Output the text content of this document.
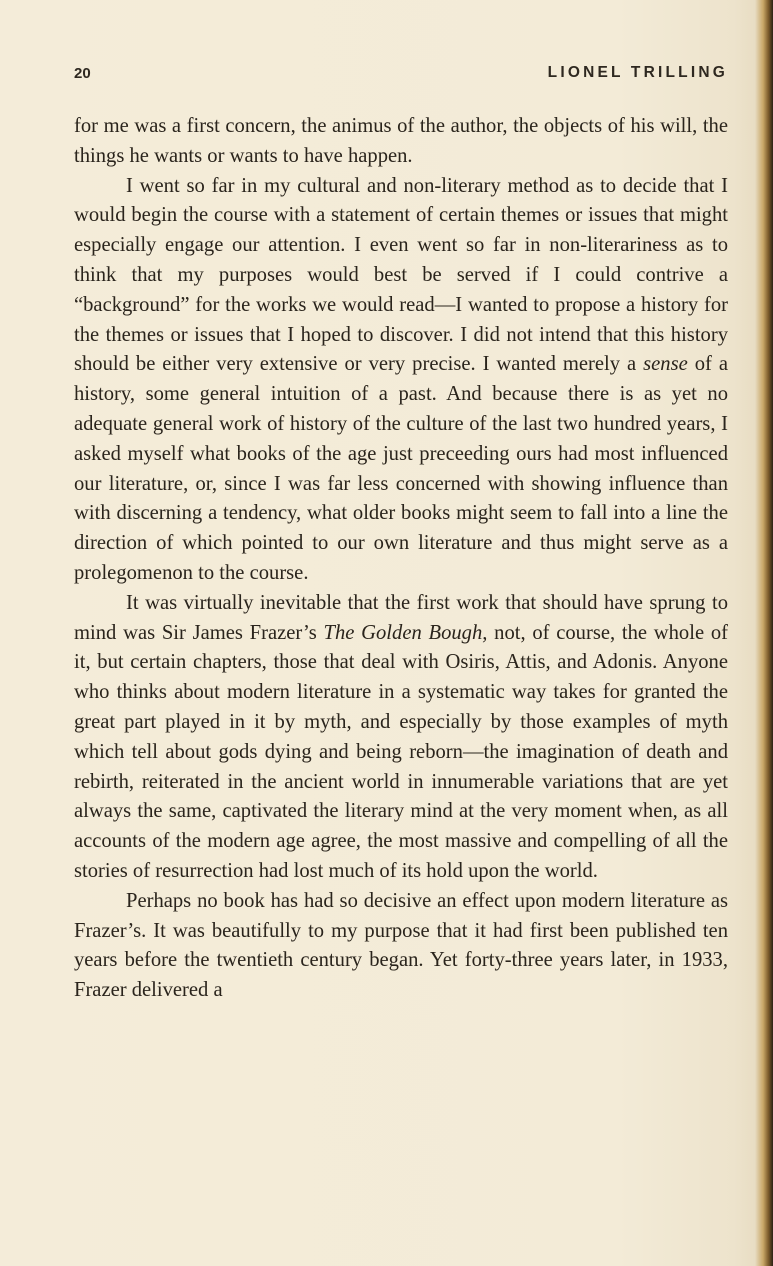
20	LIONEL TRILLING

for me was a first concern, the animus of the author, the objects of his will, the things he wants or wants to have happen.

I went so far in my cultural and non-literary method as to decide that I would begin the course with a statement of certain themes or issues that might especially engage our attention. I even went so far in non-literariness as to think that my purposes would best be served if I could contrive a “background” for the works we would read—I wanted to propose a history for the themes or issues that I hoped to discover. I did not intend that this history should be either very extensive or very precise. I wanted merely a sense of a history, some general intuition of a past. And because there is as yet no adequate general work of history of the culture of the last two hundred years, I asked myself what books of the age just preceeding ours had most influenced our literature, or, since I was far less concerned with showing influence than with discerning a tendency, what older books might seem to fall into a line the direction of which pointed to our own literature and thus might serve as a prolegomenon to the course.

It was virtually inevitable that the first work that should have sprung to mind was Sir James Frazer’s The Golden Bough, not, of course, the whole of it, but certain chapters, those that deal with Osiris, Attis, and Adonis. Anyone who thinks about modern literature in a systematic way takes for granted the great part played in it by myth, and especially by those examples of myth which tell about gods dying and being reborn—the imagination of death and rebirth, reiterated in the ancient world in innumerable variations that are yet always the same, captivated the literary mind at the very moment when, as all accounts of the modern age agree, the most massive and compelling of all the stories of resurrection had lost much of its hold upon the world.

Perhaps no book has had so decisive an effect upon modern literature as Frazer’s. It was beautifully to my purpose that it had first been published ten years before the twentieth century began. Yet forty-three years later, in 1933, Frazer delivered a
